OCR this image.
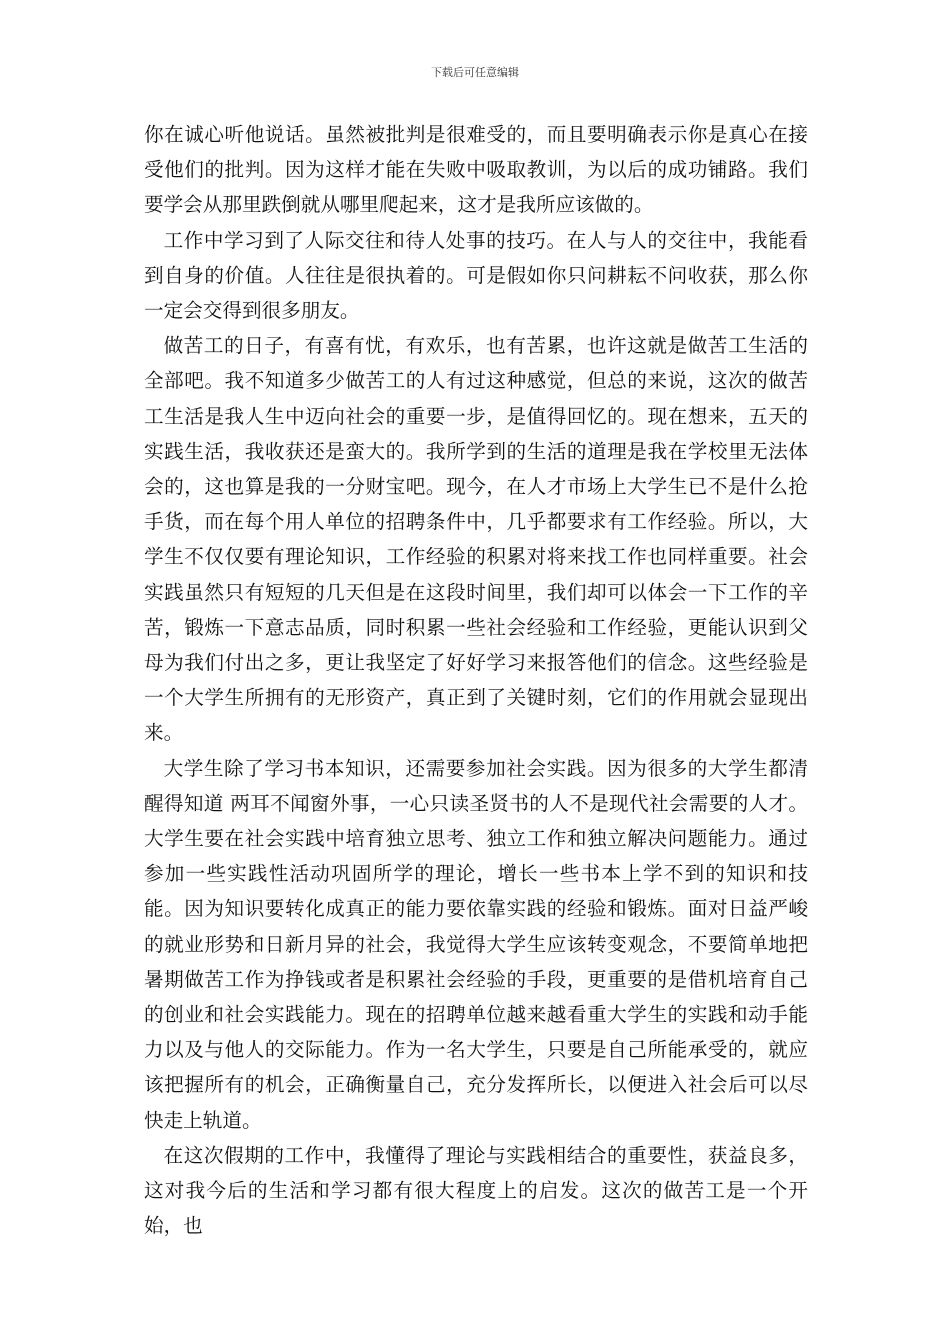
下载后可任意编辑

你在诚心听他说话。虽然被批判是很难受的，而且要明确表示你是真心在接受他们的批判。因为这样才能在失败中吸取教训，为以后的成功铺路。我们要学会从那里跌倒就从哪里爬起来，这才是我所应该做的。

工作中学习到了人际交往和待人处事的技巧。在人与人的交往中，我能看到自身的价值。人往往是很执着的。可是假如你只问耕耘不问收获，那么你一定会交得到很多朋友。

做苦工的日子，有喜有忧，有欢乐，也有苦累，也许这就是做苦工生活的全部吧。我不知道多少做苦工的人有过这种感觉，但总的来说，这次的做苦工生活是我人生中迈向社会的重要一步，是值得回忆的。现在想来，五天的实践生活，我收获还是蛮大的。我所学到的生活的道理是我在学校里无法体会的，这也算是我的一分财宝吧。现今，在人才市场上大学生已不是什么抢手货，而在每个用人单位的招聘条件中，几乎都要求有工作经验。所以，大学生不仅仅要有理论知识，工作经验的积累对将来找工作也同样重要。社会实践虽然只有短短的几天但是在这段时间里，我们却可以体会一下工作的辛苦，锻炼一下意志品质，同时积累一些社会经验和工作经验，更能认识到父母为我们付出之多，更让我坚定了好好学习来报答他们的信念。这些经验是一个大学生所拥有的无形资产，真正到了关键时刻，它们的作用就会显现出来。

大学生除了学习书本知识，还需要参加社会实践。因为很多的大学生都清醒得知道 两耳不闻窗外事，一心只读圣贤书的人不是现代社会需要的人才。大学生要在社会实践中培育独立思考、独立工作和独立解决问题能力。通过参加一些实践性活动巩固所学的理论，增长一些书本上学不到的知识和技能。因为知识要转化成真正的能力要依靠实践的经验和锻炼。面对日益严峻的就业形势和日新月异的社会，我觉得大学生应该转变观念，不要简单地把暑期做苦工作为挣钱或者是积累社会经验的手段，更重要的是借机培育自己的创业和社会实践能力。现在的招聘单位越来越看重大学生的实践和动手能力以及与他人的交际能力。作为一名大学生，只要是自己所能承受的，就应该把握所有的机会，正确衡量自己，充分发挥所长，以便进入社会后可以尽快走上轨道。

在这次假期的工作中，我懂得了理论与实践相结合的重要性，获益良多，这对我今后的生活和学习都有很大程度上的启发。这次的做苦工是一个开始，也
